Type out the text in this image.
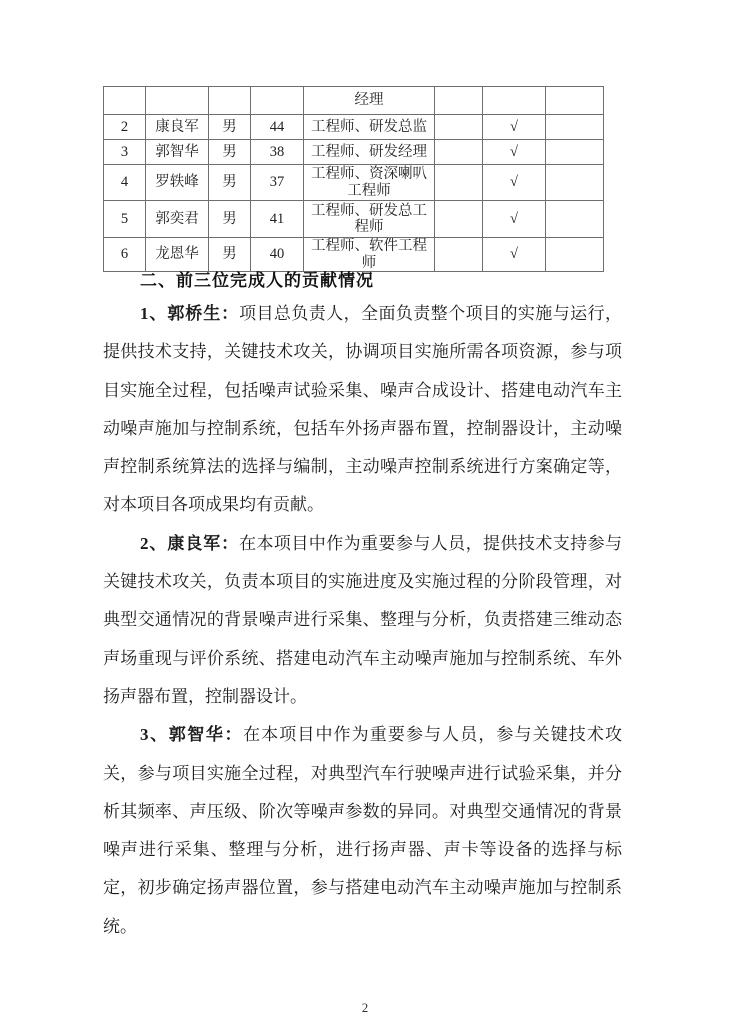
				经理			
2	康良军	男	44	工程师、研发总监		√	
3	郭智华	男	38	工程师、研发经理		√	
4	罗轶峰	男	37	工程师、资深喇叭工程师		√	
5	郭奕君	男	41	工程师、研发总工程师		√	
6	龙恩华	男	40	工程师、软件工程师		√	
二、前三位完成人的贡献情况

1、郭桥生：项目总负责人，全面负责整个项目的实施与运行，提供技术支持，关键技术攻关，协调项目实施所需各项资源，参与项目实施全过程，包括噪声试验采集、噪声合成设计、搭建电动汽车主动噪声施加与控制系统，包括车外扬声器布置，控制器设计，主动噪声控制系统算法的选择与编制，主动噪声控制系统进行方案确定等，对本项目各项成果均有贡献。

2、康良军：在本项目中作为重要参与人员，提供技术支持参与关键技术攻关，负责本项目的实施进度及实施过程的分阶段管理，对典型交通情况的背景噪声进行采集、整理与分析，负责搭建三维动态声场重现与评价系统、搭建电动汽车主动噪声施加与控制系统、车外扬声器布置，控制器设计。

3、郭智华：在本项目中作为重要参与人员，参与关键技术攻关，参与项目实施全过程，对典型汽车行驶噪声进行试验采集，并分析其频率、声压级、阶次等噪声参数的异同。对典型交通情况的背景噪声进行采集、整理与分析，进行扬声器、声卡等设备的选择与标定，初步确定扬声器位置，参与搭建电动汽车主动噪声施加与控制系统。

2
